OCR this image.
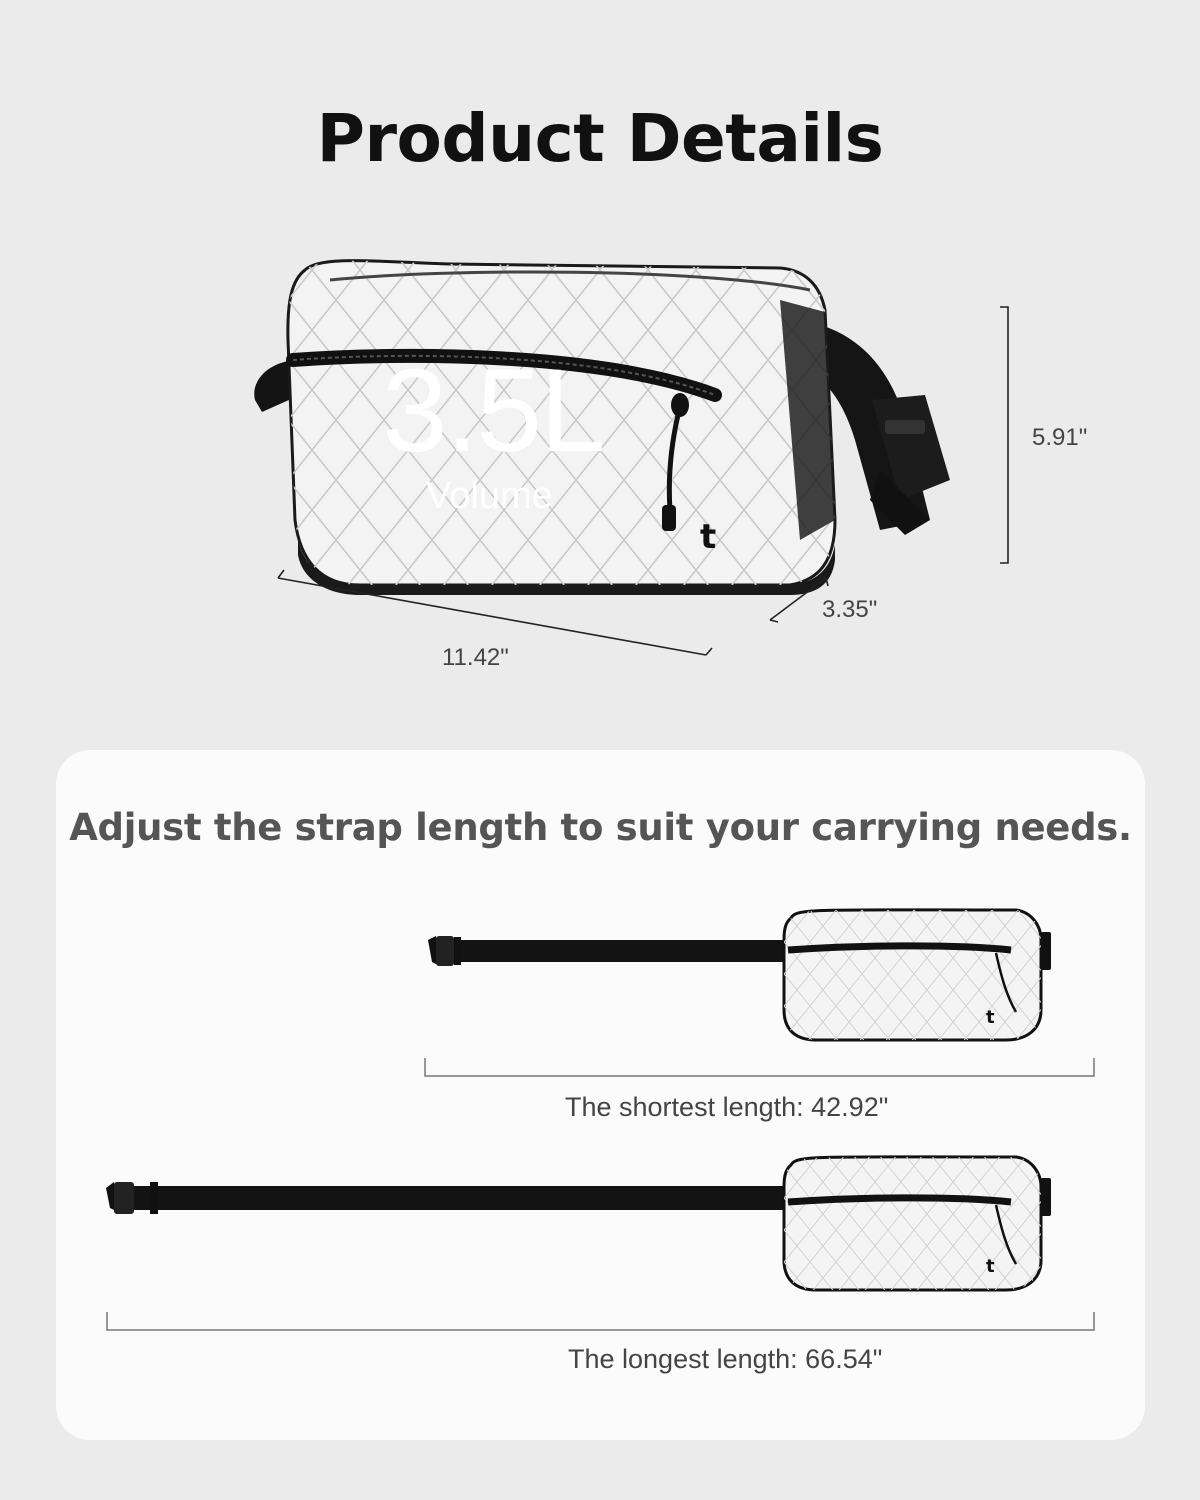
Product Details
t
3.5L
Volume
5.91"
3.35"
11.42"
Adjust the strap length to suit your carrying needs.
t
t
The shortest length: 42.92"
The longest length: 66.54"
